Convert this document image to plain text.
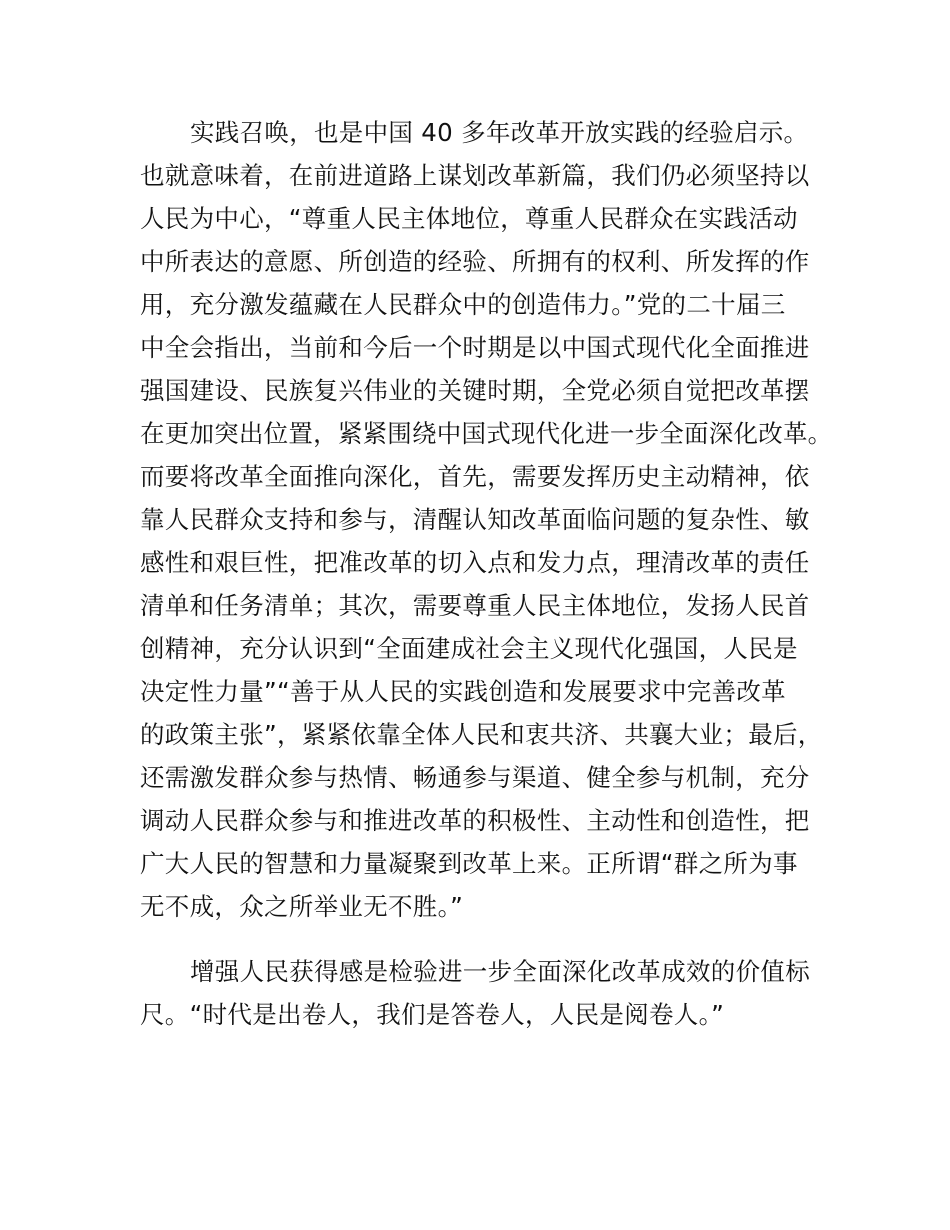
实践召唤，也是中国 40 多年改革开放实践的经验启示。
也就意味着，在前进道路上谋划改革新篇，我们仍必须坚持以
人民为中心，“尊重人民主体地位，尊重人民群众在实践活动
中所表达的意愿、所创造的经验、所拥有的权利、所发挥的作
用，充分激发蕴藏在人民群众中的创造伟力。”党的二十届三
中全会指出，当前和今后一个时期是以中国式现代化全面推进
强国建设、民族复兴伟业的关键时期，全党必须自觉把改革摆
在更加突出位置，紧紧围绕中国式现代化进一步全面深化改革。
而要将改革全面推向深化，首先，需要发挥历史主动精神，依
靠人民群众支持和参与，清醒认知改革面临问题的复杂性、敏
感性和艰巨性，把准改革的切入点和发力点，理清改革的责任
清单和任务清单；其次，需要尊重人民主体地位，发扬人民首
创精神，充分认识到“全面建成社会主义现代化强国，人民是
决定性力量”“善于从人民的实践创造和发展要求中完善改革
的政策主张”，紧紧依靠全体人民和衷共济、共襄大业；最后，
还需激发群众参与热情、畅通参与渠道、健全参与机制，充分
调动人民群众参与和推进改革的积极性、主动性和创造性，把
广大人民的智慧和力量凝聚到改革上来。正所谓“群之所为事
无不成，众之所举业无不胜。”
增强人民获得感是检验进一步全面深化改革成效的价值标
尺。“时代是出卷人，我们是答卷人，人民是阅卷人。”
